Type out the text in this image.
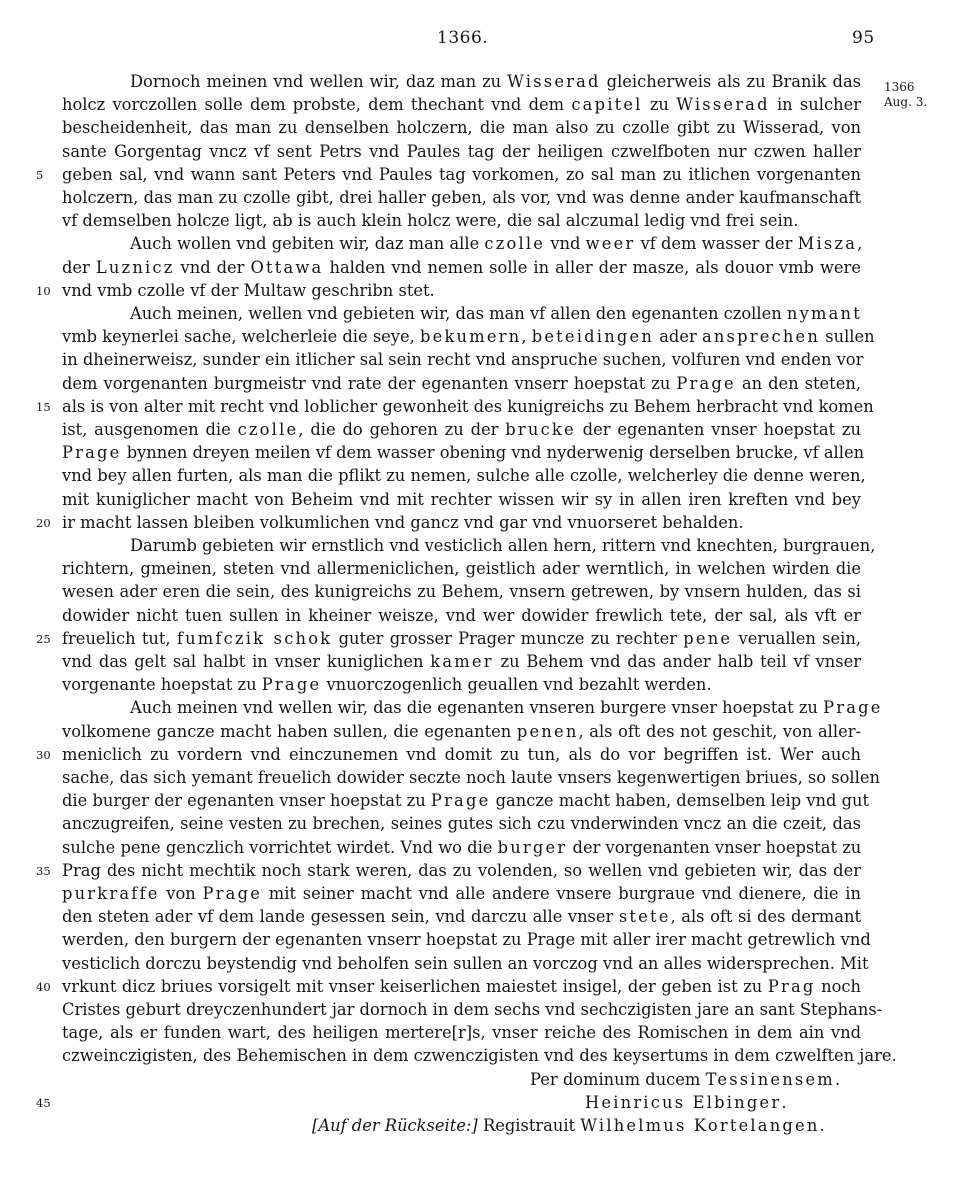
1366.	95
1366
Aug. 3.
Dornoch meinen vnd wellen wir, daz man zu Wisserad gleicherweis als zu Branik das
holcz vorczollen solle dem probste, dem thechant vnd dem capitel zu Wisserad in sulcher
bescheidenheit, das man zu denselben holczern, die man also zu czolle gibt zu Wisserad, von
sante Gorgentag vncz vf sent Petrs vnd Paules tag der heiligen czwelfboten nur czwen haller
geben sal, vnd wann sant Peters vnd Paules tag vorkomen, zo sal man zu itlichen vorgenanten
holczern, das man zu czolle gibt, drei haller geben, als vor, vnd was denne ander kaufmanschaft
vf demselben holcze ligt, ab is auch klein holcz were, die sal alczumal ledig vnd frei sein.
Auch wollen vnd gebiten wir, daz man alle czolle vnd weer vf dem wasser der Misza,
der Luznicz vnd der Ottawa halden vnd nemen solle in aller der masze, als douor vmb were
vnd vmb czolle vf der Multaw geschribn stet.
Auch meinen, wellen vnd gebieten wir, das man vf allen den egenanten czollen nymant
vmb keynerlei sache, welcherleie die seye, bekumern, beteidingen ader ansprechen sullen
in dheinerweisz, sunder ein itlicher sal sein recht vnd anspruche suchen, volfuren vnd enden vor
dem vorgenanten burgmeistr vnd rate der egenanten vnserr hoepstat zu Prage an den steten,
als is von alter mit recht vnd loblicher gewonheit des kunigreichs zu Behem herbracht vnd komen
ist, ausgenomen die czolle, die do gehoren zu der brucke der egenanten vnser hoepstat zu
Prage bynnen dreyen meilen vf dem wasser obening vnd nyderwenig derselben brucke, vf allen
vnd bey allen furten, als man die pflikt zu nemen, sulche alle czolle, welcherley die denne weren,
mit kuniglicher macht von Beheim vnd mit rechter wissen wir sy in allen iren kreften vnd bey
ir macht lassen bleiben volkumlichen vnd gancz vnd gar vnd vnuorseret behalden.
Darumb gebieten wir ernstlich vnd vesticlich allen hern, rittern vnd knechten, burgrauen,
richtern, gmeinen, steten vnd allermeniclichen, geistlich ader werntlich, in welchen wirden die
wesen ader eren die sein, des kunigreichs zu Behem, vnsern getrewen, by vnsern hulden, das si
dowider nicht tuen sullen in kheiner weisze, vnd wer dowider frewlich tete, der sal, als vft er
freuelich tut, fumfczik schok guter grosser Prager muncze zu rechter pene veruallen sein,
vnd das gelt sal halbt in vnser kuniglichen kamer zu Behem vnd das ander halb teil vf vnser
vorgenante hoepstat zu Prage vnuorczogenlich geuallen vnd bezahlt werden.
Auch meinen vnd wellen wir, das die egenanten vnseren burgere vnser hoepstat zu Prage
volkomene gancze macht haben sullen, die egenanten penen, als oft des not geschit, von aller-
meniclich zu vordern vnd einczunemen vnd domit zu tun, als do vor begriffen ist. Wer auch
sache, das sich yemant freuelich dowider seczte noch laute vnsers kegenwertigen briues, so sollen
die burger der egenanten vnser hoepstat zu Prage gancze macht haben, demselben leip vnd gut
anczugreifen, seine vesten zu brechen, seines gutes sich czu vnderwinden vncz an die czeit, das
sulche pene genczlich vorrichtet wirdet. Vnd wo die burger der vorgenanten vnser hoepstat zu
Prag des nicht mechtik noch stark weren, das zu volenden, so wellen vnd gebieten wir, das der
purkraffe von Prage mit seiner macht vnd alle andere vnsere burgraue vnd dienere, die in
den steten ader vf dem lande gesessen sein, vnd darczu alle vnser stete, als oft si des dermant
werden, den burgern der egenanten vnserr hoepstat zu Prage mit aller irer macht getrewlich vnd
vesticlich dorczu beystendig vnd beholfen sein sullen an vorczog vnd an alles widersprechen. Mit
vrkunt dicz briues vorsigelt mit vnser keiserlichen maiestet insigel, der geben ist zu Prag noch
Cristes geburt dreyczenhundert jar dornoch in dem sechs vnd sechczigisten jare an sant Stephans-
tage, als er funden wart, des heiligen mertere[r]s, vnser reiche des Romischen in dem ain vnd
czweinczigisten, des Behemischen in dem czwenczigisten vnd des keysertums in dem czwelften jare.
Per dominum ducem Tessinensem.
Heinricus Elbinger.
[Auf der Rückseite:] Registrauit Wilhelmus Kortelangen.
5
10
15
20
25
30
35
40
45
